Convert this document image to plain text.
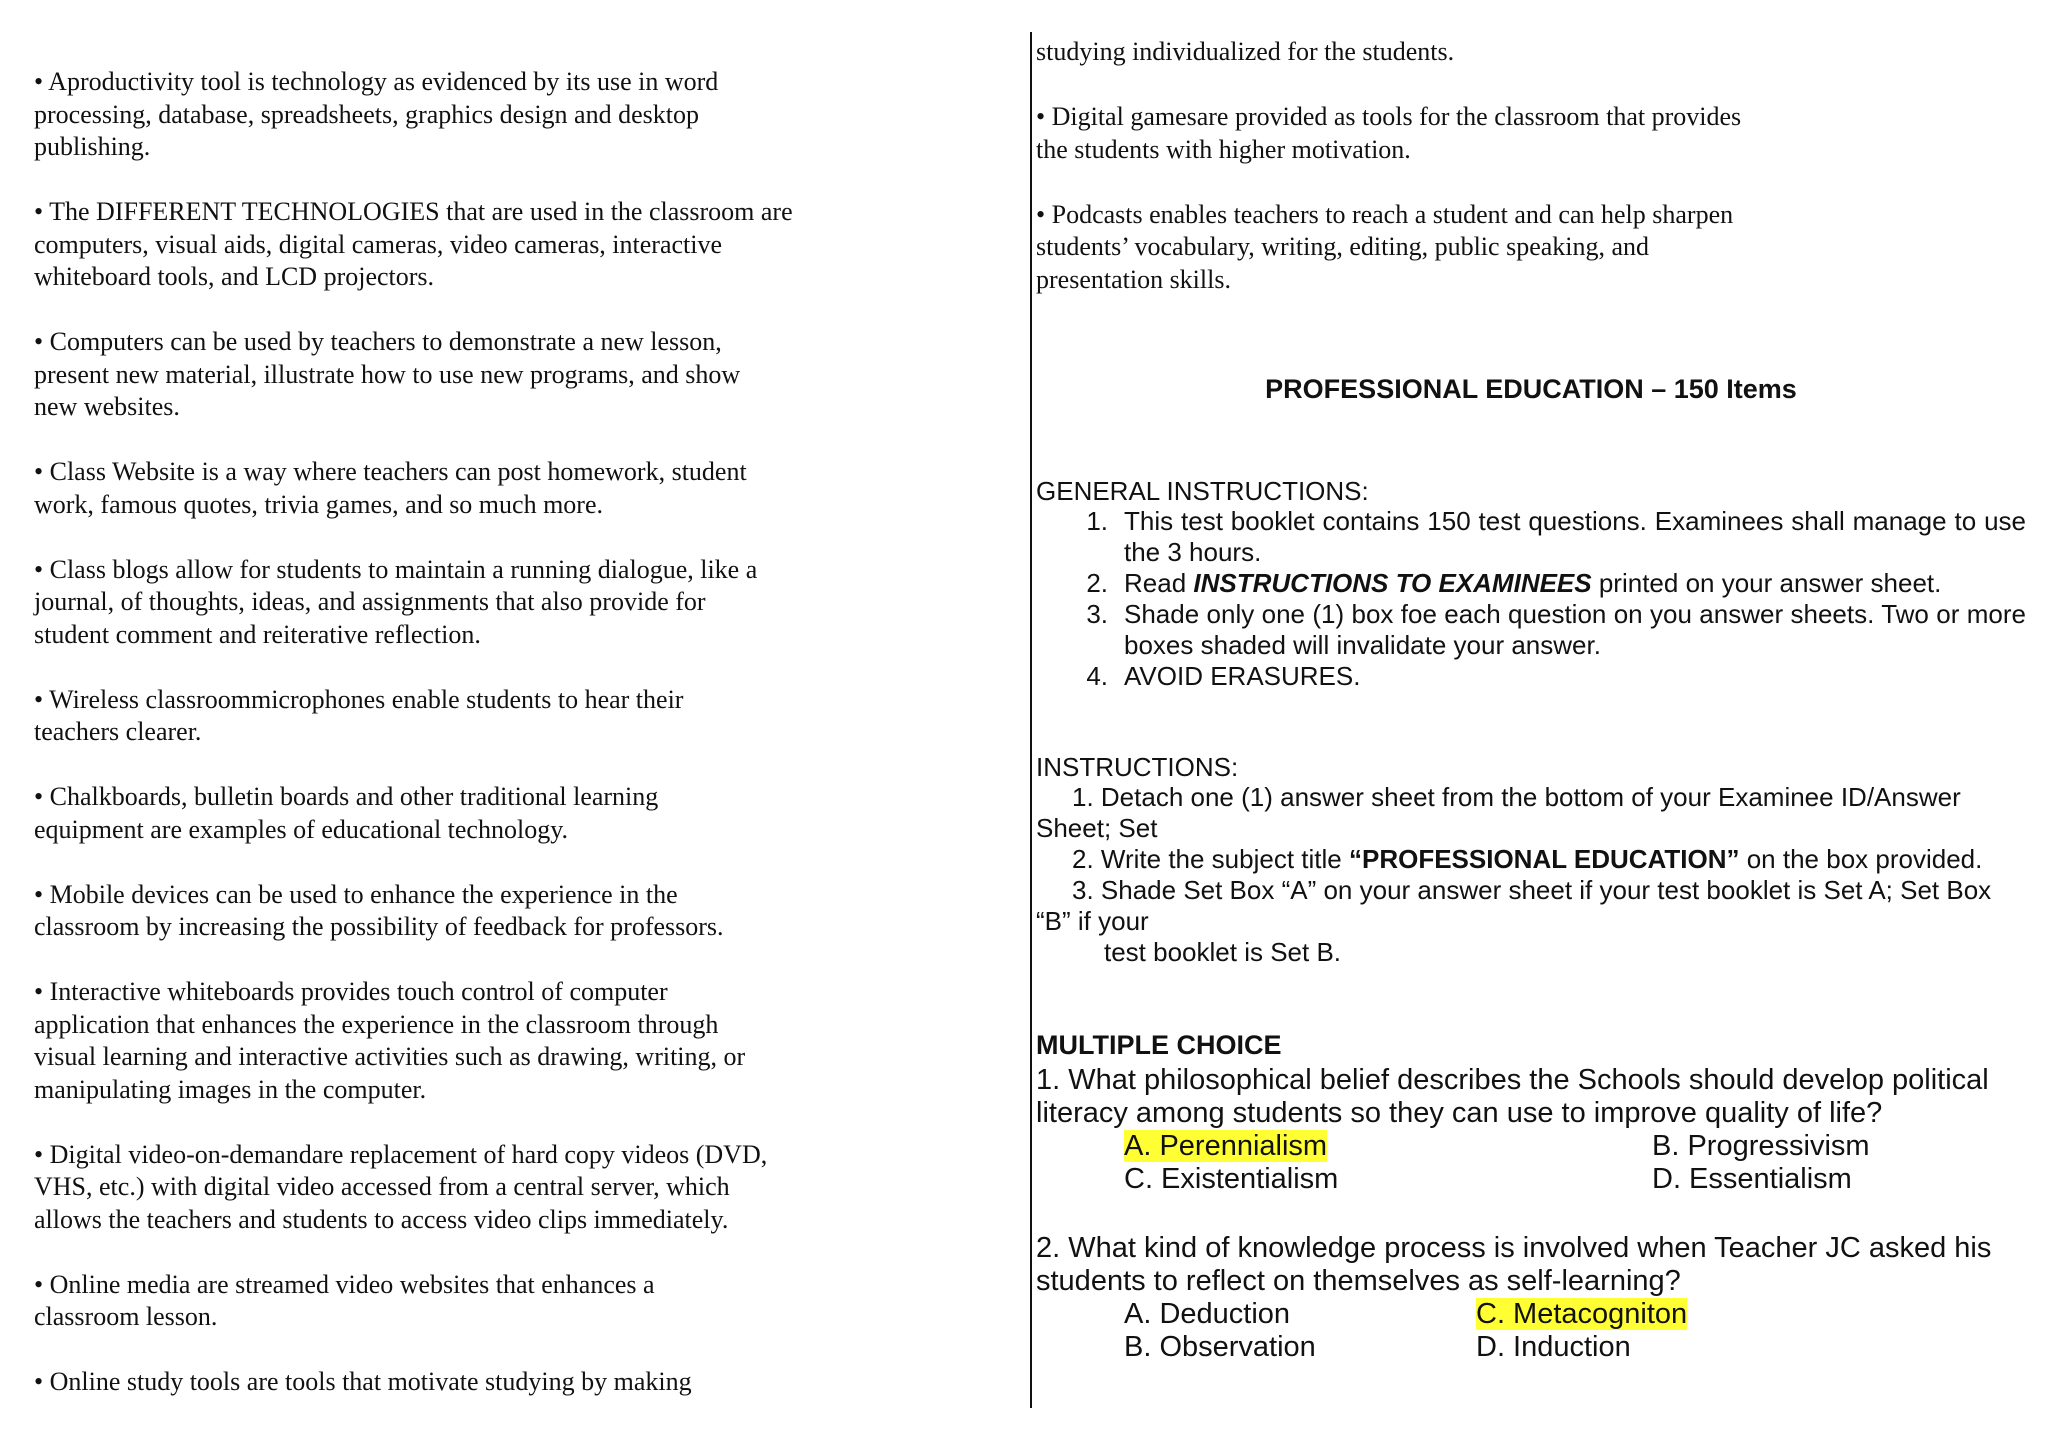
• Aproductivity tool is technology as evidenced by its use in word
processing, database, spreadsheets, graphics design and desktop
publishing.

• The DIFFERENT TECHNOLOGIES that are used in the classroom are
computers, visual aids, digital cameras, video cameras, interactive
whiteboard tools, and LCD projectors.

• Computers can be used by teachers to demonstrate a new lesson,
present new material, illustrate how to use new programs, and show
new websites.

• Class Website is a way where teachers can post homework, student
work, famous quotes, trivia games, and so much more.

• Class blogs allow for students to maintain a running dialogue, like a
journal, of thoughts, ideas, and assignments that also provide for
student comment and reiterative reflection.

• Wireless classroommicrophones enable students to hear their
teachers clearer.

• Chalkboards, bulletin boards and other traditional learning
equipment are examples of educational technology.

• Mobile devices can be used to enhance the experience in the
classroom by increasing the possibility of feedback for professors.

• Interactive whiteboards provides touch control of computer
application that enhances the experience in the classroom through
visual learning and interactive activities such as drawing, writing, or
manipulating images in the computer.

• Digital video-on-demandare replacement of hard copy videos (DVD,
VHS, etc.) with digital video accessed from a central server, which
allows the teachers and students to access video clips immediately.

• Online media are streamed video websites that enhances a
classroom lesson.

• Online study tools are tools that motivate studying by making

studying individualized for the students.

• Digital gamesare provided as tools for the classroom that provides
the students with higher motivation.

• Podcasts enables teachers to reach a student and can help sharpen
students’ vocabulary, writing, editing, public speaking, and
presentation skills.

PROFESSIONAL EDUCATION – 150 Items
GENERAL INSTRUCTIONS:
1. This test booklet contains 150 test questions. Examinees shall manage to use the 3 hours.
2. Read INSTRUCTIONS TO EXAMINEES printed on your answer sheet.
3. Shade only one (1) box foe each question on you answer sheets. Two or more boxes shaded will invalidate your answer.
4. AVOID ERASURES.
INSTRUCTIONS:

1. Detach one (1) answer sheet from the bottom of your Examinee ID/Answer Sheet; Set

2. Write the subject title “PROFESSIONAL EDUCATION” on the box provided.

3. Shade Set Box “A” on your answer sheet if your test booklet is Set A; Set Box “B” if your

test booklet is Set B.

MULTIPLE CHOICE
1. What philosophical belief describes the Schools should develop political literacy among students so they can use to improve quality of life?
A. Perennialism	B. Progressivism
C. Existentialism	D. Essentialism
2. What kind of knowledge process is involved when Teacher JC asked his students to reflect on themselves as self-learning?
A. Deduction	C. Metacogniton
B. Observation	D. Induction
